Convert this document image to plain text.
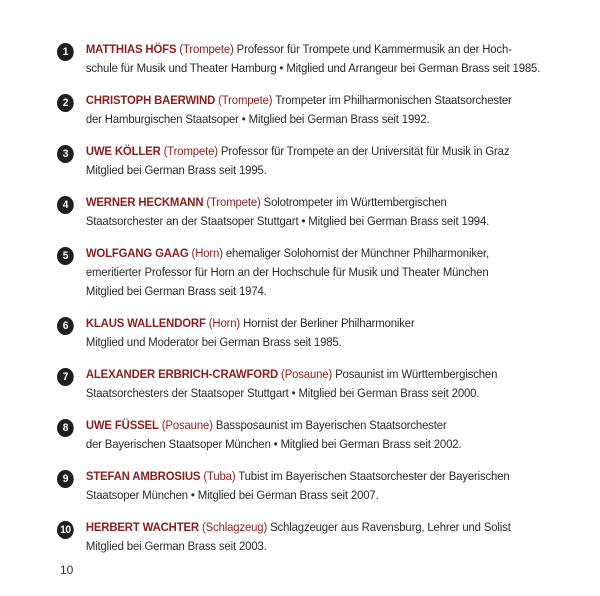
1	MATTHIAS HÖFS (Trompete) Professor für Trompete und Kammermusik an der Hoch-
schule für Musik und Theater Hamburg • Mitglied und Arrangeur bei German Brass seit 1985.
2	CHRISTOPH BAERWIND (Trompete) Trompeter im Philharmonischen Staatsorchester
der Hamburgischen Staatsoper • Mitglied bei German Brass seit 1992.
3	UWE KÖLLER (Trompete) Professor für Trompete an der Universität für Musik in Graz
Mitglied bei German Brass seit 1995.
4	WERNER HECKMANN (Trompete) Solotrompeter im Württembergischen
Staatsorchester an der Staatsoper Stuttgart • Mitglied bei German Brass seit 1994.
5	WOLFGANG GAAG (Horn) ehemaliger Solohornist der Münchner Philharmoniker,
emeritierter Professor für Horn an der Hochschule für Musik und Theater München
Mitglied bei German Brass seit 1974.
6	KLAUS WALLENDORF (Horn) Hornist der Berliner Philharmoniker
Mitglied und Moderator bei German Brass seit 1985.
7	ALEXANDER ERBRICH-CRAWFORD (Posaune) Posaunist im Württembergischen
Staatsorchesters der Staatsoper Stuttgart • Mitglied bei German Brass seit 2000.
8	UWE FÜSSEL (Posaune) Bassposaunist im Bayerischen Staatsorchester
der Bayerischen Staatsoper München • Mitglied bei German Brass seit 2002.
9	STEFAN AMBROSIUS (Tuba) Tubist im Bayerischen Staatsorchester der Bayerischen
Staatsoper München • Mitglied bei German Brass seit 2007.
10 HERBERT WACHTER (Schlagzeug) Schlagzeuger aus Ravensburg, Lehrer und Solist
Mitglied bei German Brass seit 2003.
10
